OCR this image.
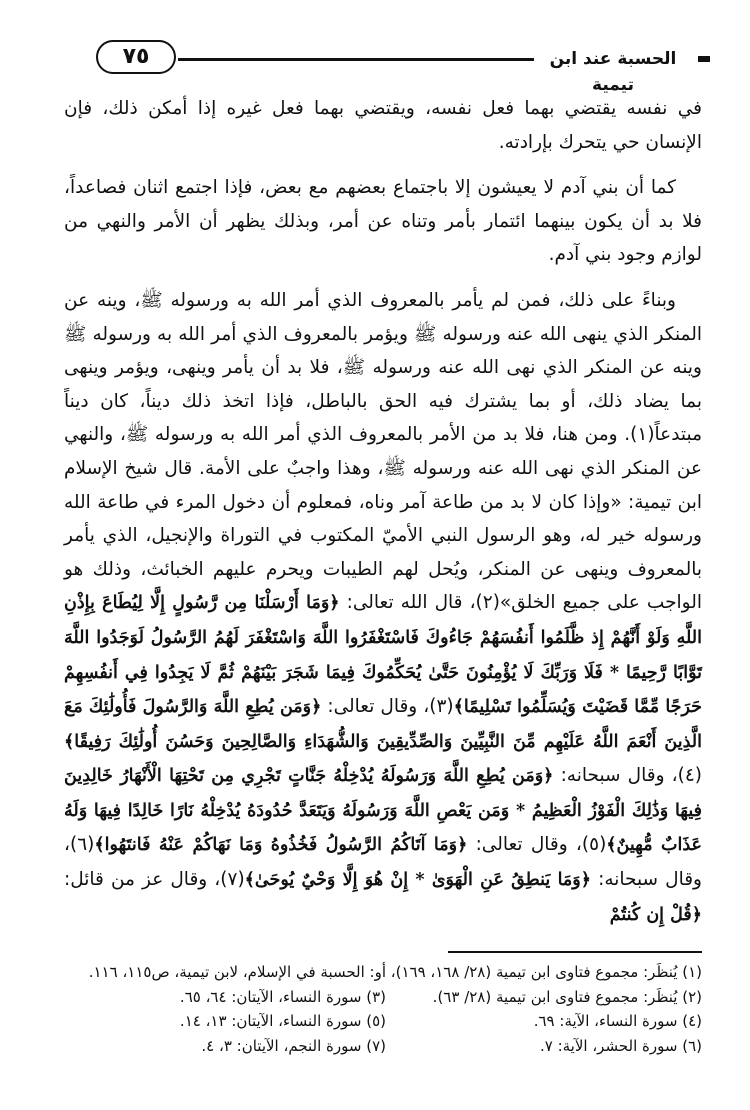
٧٥	الحسبة عند ابن تيمية

في نفسه يقتضي بهما فعل نفسه، ويقتضي بهما فعل غيره إذا أمكن ذلك، فإن الإنسان حي يتحرك بإرادته.

كما أن بني آدم لا يعيشون إلا باجتماع بعضهم مع بعض، فإذا اجتمع اثنان فصاعداً، فلا بد أن يكون بينهما ائتمار بأمر وتناه عن أمر، وبذلك يظهر أن الأمر والنهي من لوازم وجود بني آدم.

وبناءً على ذلك، فمن لم يأمر بالمعروف الذي أمر الله به ورسوله ﷺ، وينه عن المنكر الذي ينهى الله عنه ورسوله ﷺ ويؤمر بالمعروف الذي أمر الله به ورسوله ﷺ وينه عن المنكر الذي نهى الله عنه ورسوله ﷺ، فلا بد أن يأمر وينهى، ويؤمر وينهى بما يضاد ذلك، أو بما يشترك فيه الحق بالباطل، فإذا اتخذ ذلك ديناً، كان ديناً مبتدعاً(١). ومن هنا، فلا بد من الأمر بالمعروف الذي أمر الله به ورسوله ﷺ، والنهي عن المنكر الذي نهى الله عنه ورسوله ﷺ، وهذا واجبٌ على الأمة. قال شيخ الإسلام ابن تيمية: «وإذا كان لا بد من طاعة آمر وناه، فمعلوم أن دخول المرء في طاعة الله ورسوله خير له، وهو الرسول النبي الأميّ المكتوب في التوراة والإنجيل، الذي يأمر بالمعروف وينهى عن المنكر، ويُحل لهم الطيبات ويحرم عليهم الخبائث، وذلك هو الواجب على جميع الخلق»(٢)، قال الله تعالى: ﴿وَمَا أَرْسَلْنَا مِن رَّسُولٍ إِلَّا لِيُطَاعَ بِإِذْنِ اللَّهِ وَلَوْ أَنَّهُمْ إِذ ظَّلَمُوا أَنفُسَهُمْ جَاءُوكَ فَاسْتَغْفَرُوا اللَّهَ وَاسْتَغْفَرَ لَهُمُ الرَّسُولُ لَوَجَدُوا اللَّهَ تَوَّابًا رَّحِيمًا * فَلَا وَرَبِّكَ لَا يُؤْمِنُونَ حَتَّىٰ يُحَكِّمُوكَ فِيمَا شَجَرَ بَيْنَهُمْ ثُمَّ لَا يَجِدُوا فِي أَنفُسِهِمْ حَرَجًا مِّمَّا قَضَيْتَ وَيُسَلِّمُوا تَسْلِيمًا﴾(٣)، وقال تعالى: ﴿وَمَن يُطِعِ اللَّهَ وَالرَّسُولَ فَأُولَٰئِكَ مَعَ الَّذِينَ أَنْعَمَ اللَّهُ عَلَيْهِم مِّنَ النَّبِيِّينَ وَالصِّدِّيقِينَ وَالشُّهَدَاءِ وَالصَّالِحِينَ وَحَسُنَ أُولَٰئِكَ رَفِيقًا﴾(٤)، وقال سبحانه: ﴿وَمَن يُطِعِ اللَّهَ وَرَسُولَهُ يُدْخِلْهُ جَنَّاتٍ تَجْرِي مِن تَحْتِهَا الْأَنْهَارُ خَالِدِينَ فِيهَا وَذَٰلِكَ الْفَوْزُ الْعَظِيمُ * وَمَن يَعْصِ اللَّهَ وَرَسُولَهُ وَيَتَعَدَّ حُدُودَهُ يُدْخِلْهُ نَارًا خَالِدًا فِيهَا وَلَهُ عَذَابٌ مُّهِينٌ﴾(٥)، وقال تعالى: ﴿وَمَا آتَاكُمُ الرَّسُولُ فَخُذُوهُ وَمَا نَهَاكُمْ عَنْهُ فَانتَهُوا﴾(٦)، وقال سبحانه: ﴿وَمَا يَنطِقُ عَنِ الْهَوَىٰ * إِنْ هُوَ إِلَّا وَحْيٌ يُوحَىٰ﴾(٧)، وقال عز من قائل: ﴿قُلْ إِن كُنتُمْ

(١) يُنظَر: مجموع فتاوى ابن تيمية (٢٨/ ١٦٨، ١٦٩)، أو: الحسبة في الإسلام، لابن تيمية، ص١١٥، ١١٦.

(٢) يُنظَر: مجموع فتاوى ابن تيمية (٢٨/ ٦٣).
(٣) سورة النساء، الآيتان: ٦٤، ٦٥.
(٤) سورة النساء، الآية: ٦٩.
(٥) سورة النساء، الآيتان: ١٣، ١٤.
(٦) سورة الحشر، الآية: ٧.
(٧) سورة النجم، الآيتان: ٣، ٤.
